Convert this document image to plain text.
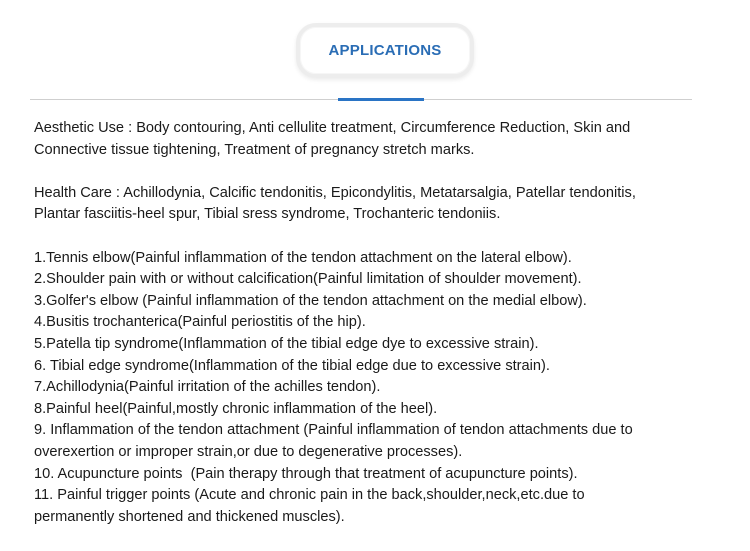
APPLICATIONS

Aesthetic Use : Body contouring, Anti cellulite treatment, Circumference Reduction, Skin and

Connective tissue tightening, Treatment of pregnancy stretch marks.

Health Care : Achillodynia, Calcific tendonitis, Epicondylitis, Metatarsalgia, Patellar tendonitis,

Plantar fasciitis-heel spur, Tibial sress syndrome, Trochanteric tendoniis.

1.Tennis elbow(Painful inflammation of the tendon attachment on the lateral elbow).

2.Shoulder pain with or without calcification(Painful limitation of shoulder movement).

3.Golfer's elbow (Painful inflammation of the tendon attachment on the medial elbow).

4.Busitis trochanterica(Painful periostitis of the hip).

5.Patella tip syndrome(Inflammation of the tibial edge dye to excessive strain).

6. Tibial edge syndrome(Inflammation of the tibial edge due to excessive strain).

7.Achillodynia(Painful irritation of the achilles tendon).

8.Painful heel(Painful,mostly chronic inflammation of the heel).

9. Inflammation of the tendon attachment (Painful inflammation of tendon attachments due to

overexertion or improper strain,or due to degenerative processes).

10. Acupuncture points  (Pain therapy through that treatment of acupuncture points).

11. Painful trigger points (Acute and chronic pain in the back,shoulder,neck,etc.due to

permanently shortened and thickened muscles).
